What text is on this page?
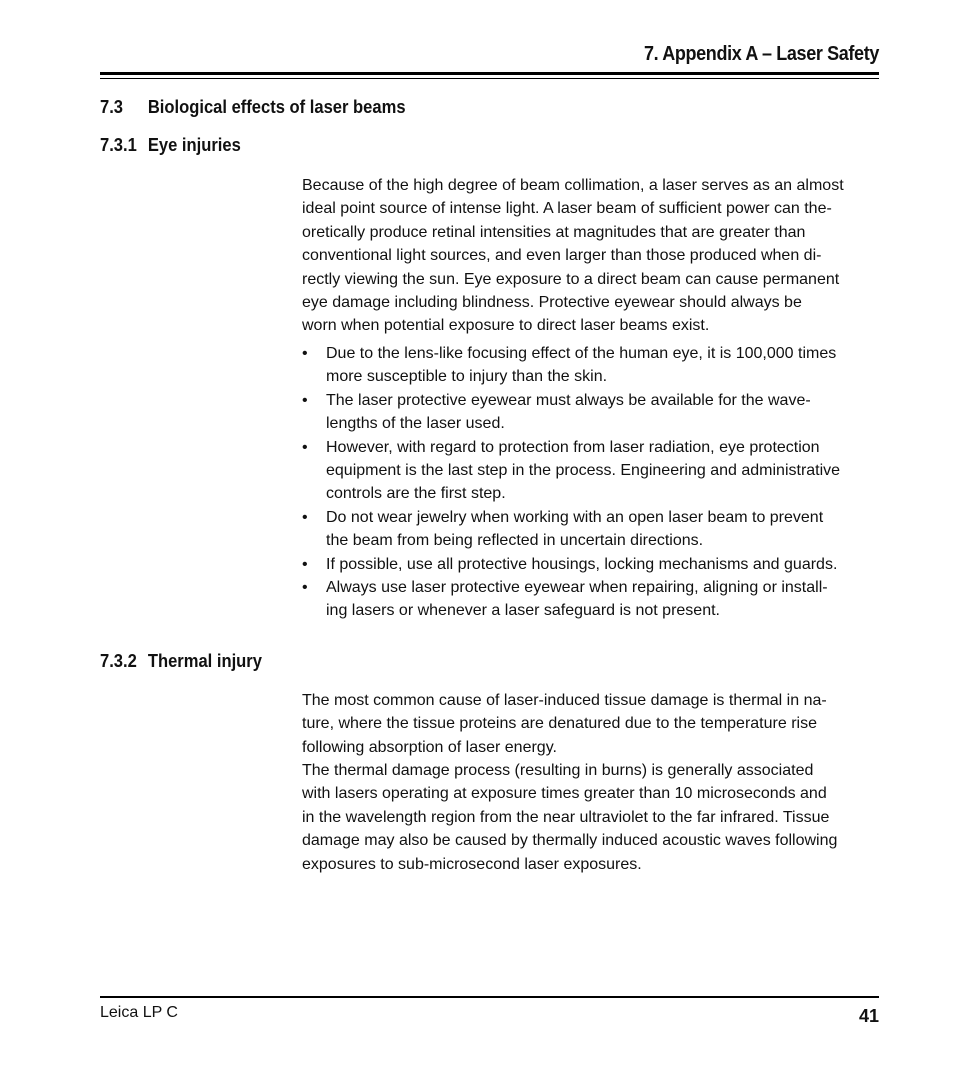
7. Appendix A – Laser Safety
7.3 Biological effects of laser beams
7.3.1 Eye injuries
Because of the high degree of beam collimation, a laser serves as an almost
ideal point source of intense light. A laser beam of sufficient power can the-
oretically produce retinal intensities at magnitudes that are greater than
conventional light sources, and even larger than those produced when di-
rectly viewing the sun. Eye exposure to a direct beam can cause permanent
eye damage including blindness. Protective eyewear should always be
worn when potential exposure to direct laser beams exist.
• Due to the lens-like focusing effect of the human eye, it is 100,000 times
more susceptible to injury than the skin.
• The laser protective eyewear must always be available for the wave-
lengths of the laser used.
• However, with regard to protection from laser radiation, eye protection
equipment is the last step in the process. Engineering and administrative
controls are the first step.
• Do not wear jewelry when working with an open laser beam to prevent
the beam from being reflected in uncertain directions.
• If possible, use all protective housings, locking mechanisms and guards.
• Always use laser protective eyewear when repairing, aligning or install-
ing lasers or whenever a laser safeguard is not present.
7.3.2 Thermal injury
The most common cause of laser-induced tissue damage is thermal in na-
ture, where the tissue proteins are denatured due to the temperature rise
following absorption of laser energy.
The thermal damage process (resulting in burns) is generally associated
with lasers operating at exposure times greater than 10 microseconds and
in the wavelength region from the near ultraviolet to the far infrared. Tissue
damage may also be caused by thermally induced acoustic waves following
exposures to sub-microsecond laser exposures.
Leica LP C	41
